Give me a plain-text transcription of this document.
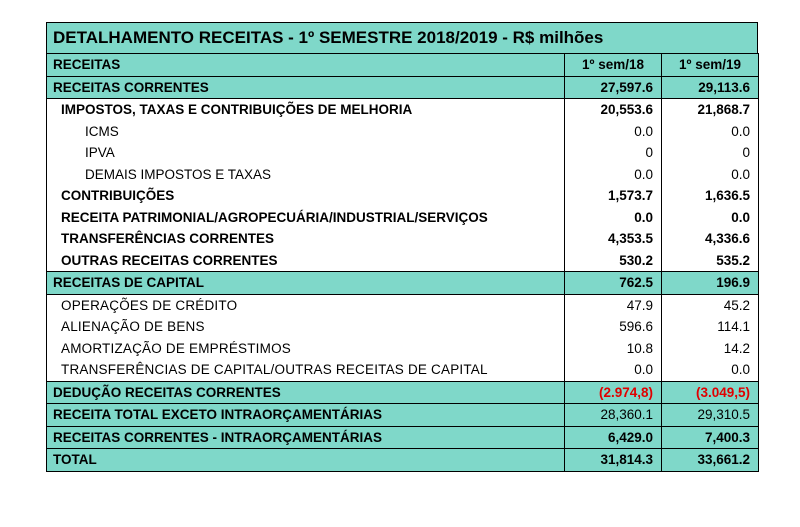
DETALHAMENTO RECEITAS - 1º SEMESTRE 2018/2019 - R$ milhões
RECEITAS	1º sem/18	1º sem/19
RECEITAS CORRENTES	27,597.6	29,113.6
IMPOSTOS, TAXAS E CONTRIBUIÇÕES DE MELHORIA	20,553.6	21,868.7
ICMS	0.0	0.0
IPVA	0	0
DEMAIS IMPOSTOS E TAXAS	0.0	0.0
CONTRIBUIÇÕES	1,573.7	1,636.5
RECEITA PATRIMONIAL/AGROPECUÁRIA/INDUSTRIAL/SERVIÇOS	0.0	0.0
TRANSFERÊNCIAS CORRENTES	4,353.5	4,336.6
OUTRAS RECEITAS CORRENTES	530.2	535.2
RECEITAS DE CAPITAL	762.5	196.9
OPERAÇÕES DE CRÉDITO	47.9	45.2
ALIENAÇÃO DE BENS	596.6	114.1
AMORTIZAÇÃO DE EMPRÉSTIMOS	10.8	14.2
TRANSFERÊNCIAS DE CAPITAL/OUTRAS RECEITAS DE CAPITAL	0.0	0.0
DEDUÇÃO RECEITAS CORRENTES	(2.974,8)	(3.049,5)
RECEITA TOTAL EXCETO INTRAORÇAMENTÁRIAS	28,360.1	29,310.5
RECEITAS CORRENTES - INTRAORÇAMENTÁRIAS	6,429.0	7,400.3
TOTAL	31,814.3	33,661.2
